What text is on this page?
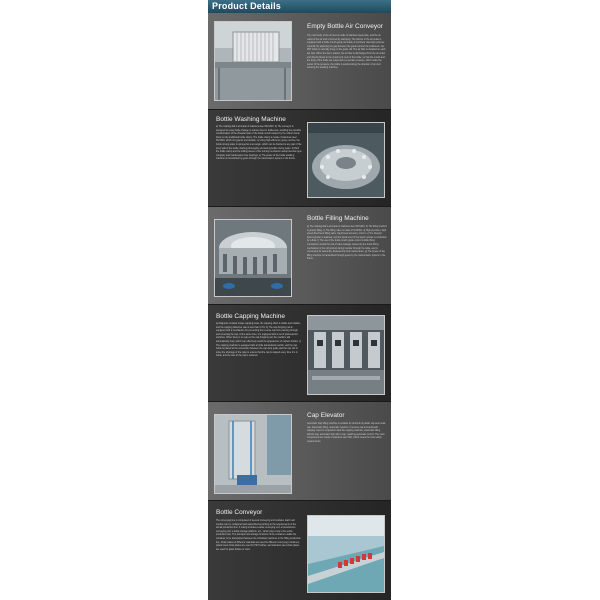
Product Details
Empty Bottle Air Conveyor
The main body of the air duct is made of stainless steel plate, and the air outlet of the air duct is formed by stamping. The bottom of the air outlet is equipped with a bottle mouth guide rail made of nonlinear ultra-high polymer material. By adjusting the gap between the guide rail and the bottleneck, the PET bottle is naturally hung on the guide rail. The air filter is installed on each fan inlet. When the fan is started, the air flow is discharged from the air outlet and directly blows to the mouth and neck of the bottle, so that the mouth and the body of the bottle are subjected to a certain pressure, which make the center of the pressure, the bottle is pushed along the direction of air duct entering the washing machine.
Bottle Washing Machine
a) The rotating dial is all made of stainless steel SUS304. b) The conveyor is designed for easy bottle-change to reduce time for bottleneck, avoiding the possible contamination of the threaded part of the bottle mouth caused by the rubber clamp block on the traditional bottle clamp. The bottle clamp is made of stainless steel SUS304, which is hygienic and durable. c) Using high efficiency spray nozzles, the bottle rinsing water is sprayed at a set angle, which can be flushed to any part of the inner wall of the bottle, flushing thoroughly and saving bottle rinsing water. d) Both the bottle clamp and the sliding sleeve of the turning mechanism adopt German igus company and maintenance-free bearings. e) The power of the bottle washing machine is transmitted by gears through the transmission system in the frame.
Bottle Filling Machine
a) The rotating dial is all made of stainless steel SUS304. b) The filling method is gravity filling. c) The filling valve is made of SUS304. d) High precision, high speed fixed level filling valve, liquid level accuracy control. e) The integral liquid cylinder is adopted, and the liquid level of the liquid cylinder is controlled by a float. f) The use of the bottle mouth guide control middle lifting mechanism avoids the risk of valve leakage caused by the bottle lifting mechanism in the old product during transfer through the table, and is convenient for assembly, disassembly and maintenance. g) The power of the filling machine is transmitted through gears by the transmission system in the frame.
Bottle Capping Machine
a) Magnetic constant torque capping head, the capping effect is stable and reliable, and the capping defective rate is less than 0.2%. b) The cap dropping rail is equipped with a mechanism for preventing the reverse cap from passing through and removing the cap. At the same time, it is equipped with a set of photoelectric switches. When there is no cap on the cap dropping rail, the machine will automatically stop, which can effectively avoid the appearance of capless bottles. c) The capping machine is equipped with a bottle transmission switch, and the cap bottle is placed at the connection between the cap drop guide and the cap slot to solve the shortage of the caps to ensure that the cap is capped every time it is in bottle, and the loss of the cap is reduced.
Cap Elevator
Automatic Cap lifting machine is suitable for all kinds of plastic cap and metal cap. Automatic lifting, automatic reporter of reverse cap and automatic capping. Used in conjunction with the capping machine, automatic lifting without cap, automatic stop with a cap, realizing automatic control. The main components are made of stainless steel 304, which meets the food safety requirements.
Bottle Conveyor
The conveying line is composed of several conveying unit modules. Each unit module can be configured and assembled according to the requirements of the actual production line. It mainly includes a table conveying unit, a transmission conveying unit, a bottle storage platform, etc., which play a role in the entire production line. The transport and storage functions of the container enable the container to be transported between the individual machines in the filling production line. Chain plates of different materials are used for different conveying containers, plastic steel chain plates are used for PET bottles, and stainless steel chain plates are used for glass bottles or cans.
